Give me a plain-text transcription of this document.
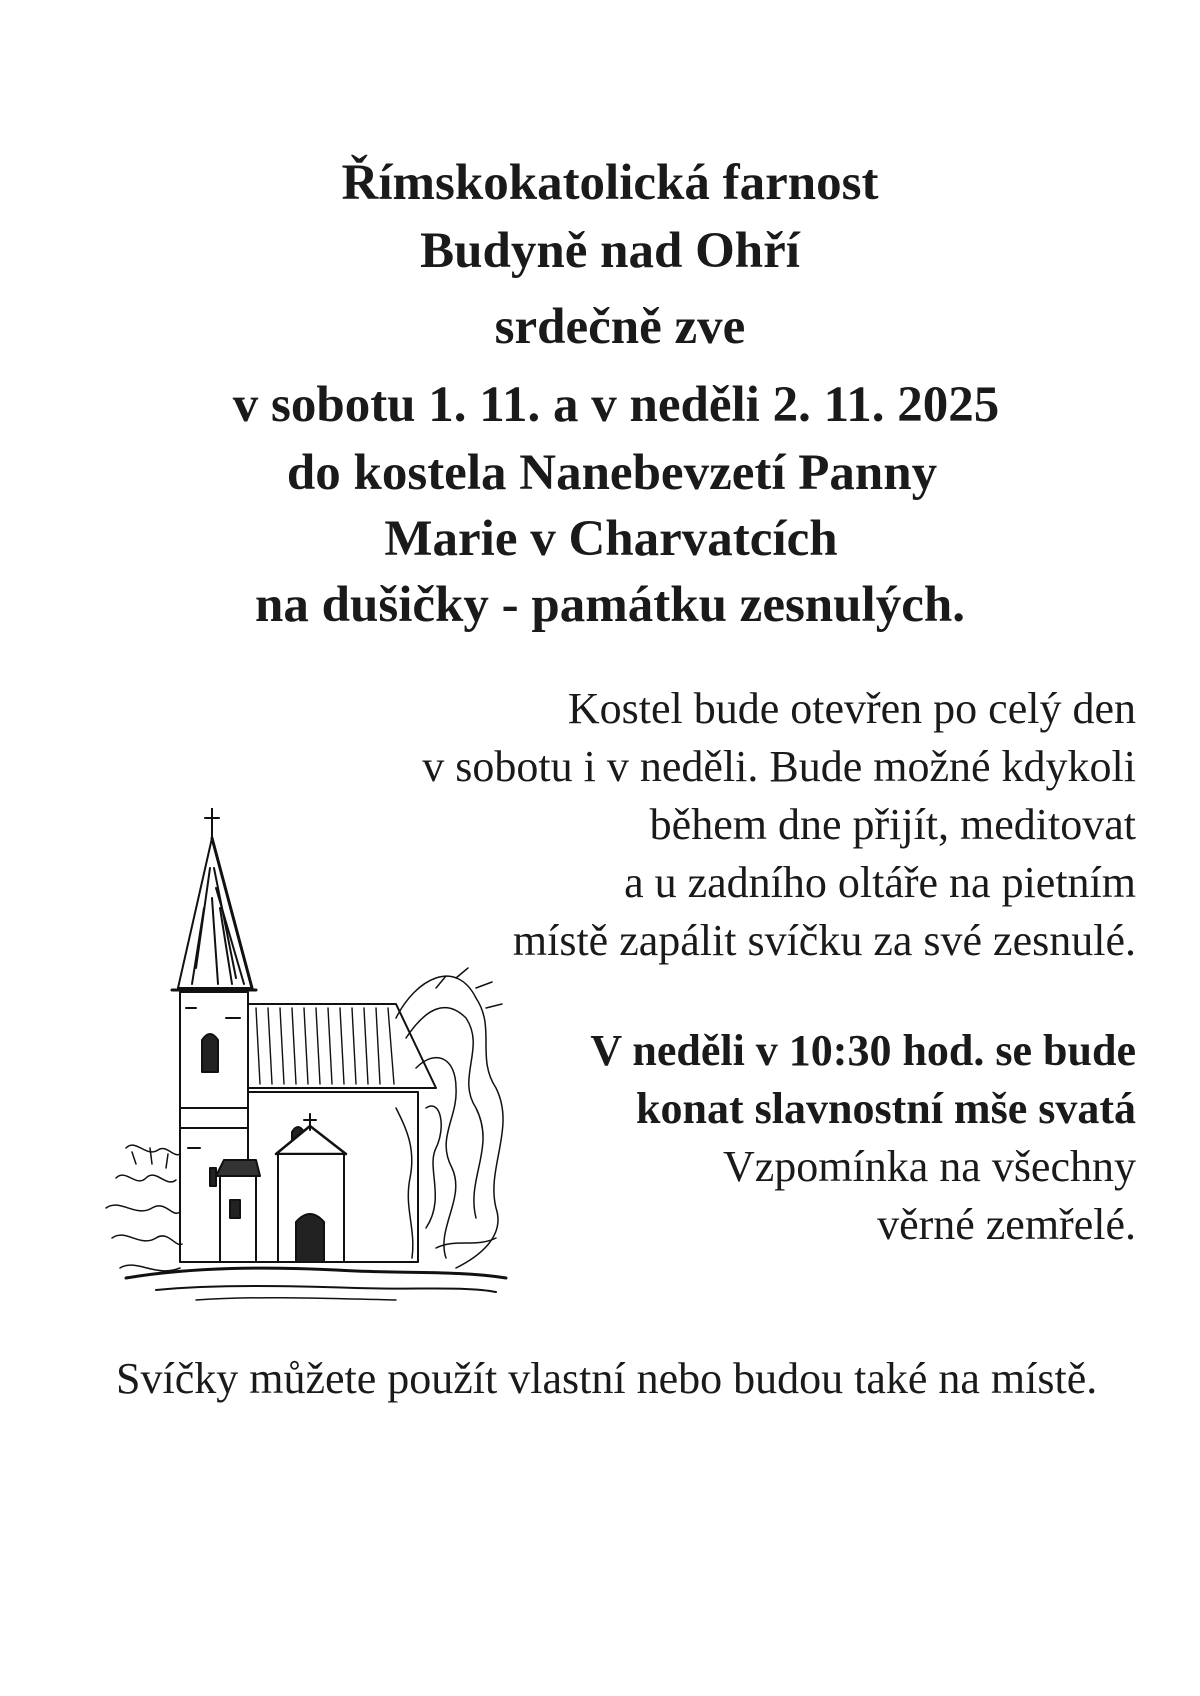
Římskokatolická farnost
Budyně nad Ohří
srdečně zve
v sobotu 1. 11. a v neděli 2. 11. 2025
do kostela Nanebevzetí Panny
Marie v Charvatcích
na dušičky - památku zesnulých.
Kostel bude otevřen po celý den
v sobotu i v neděli. Bude možné kdykoli
během dne přijít, meditovat
a u zadního oltáře na pietním
místě zapálit svíčku za své zesnulé.
V neděli v 10:30 hod. se bude
konat slavnostní mše svatá
Vzpomínka na všechny
věrné zemřelé.
Svíčky můžete použít vlastní nebo budou také na místě.
